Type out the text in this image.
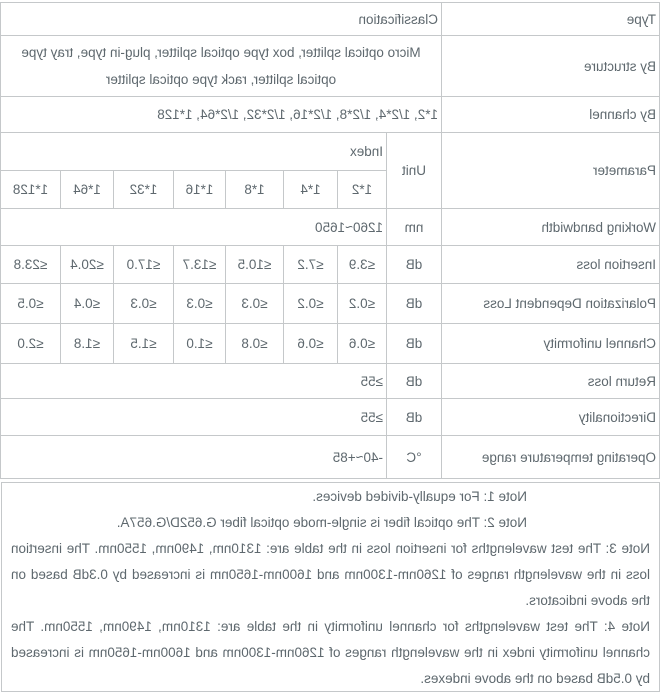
Type	Classification							
By structure	Micro optical splitter, box type optical splitter, plug-in type, tray type optical splitter, rack type optical splitter							
By channel	1*2, 1/2*4, 1/2*8, 1/2*16, 1/2*32, 1/2*64, 1*128							
Parameter	Unit	Index						
		1*2	1*4	1*8	1*16	1*32	1*64	1*128
Working bandwidth	nm	1260~1650						
Insertion loss	dB	≤3.9	≤7.2	≤10.5	≤13.7	≤17.0	≤20.4	≤23.8
Polarization Dependent Loss	dB	≤0.2	≤0.2	≤0.3	≤0.3	≤0.3	≤0.4	≤0.5
Channel uniformity	dB	≤0.6	≤0.6	≤0.8	≤1.0	≤1.5	≤1.8	≤2.0
Return loss	dB	≥55						
Directionality	dB	≥55						
Operating temperature range	°C	-40~+85						

Note 1: For equally-divided devices.

Note 2: The optical fiber is single-mode optical fiber G.652D/G.657A.

Note 3: The test wavelengths for insertion loss in the table are: 1310nm, 1490nm, 1550nm. The insertion loss in the wavelength ranges of 1260nm-1300nm and 1600nm-1650nm is increased by 0.3dB based on the above indicators.

Note 4: The test wavelengths for channel uniformity in the table are: 1310nm, 1490nm, 1550nm. The channel uniformity index in the wavelength ranges of 1260nm-1300nm and 1600nm-1650nm is increased by 0.5dB based on the above indexes.
